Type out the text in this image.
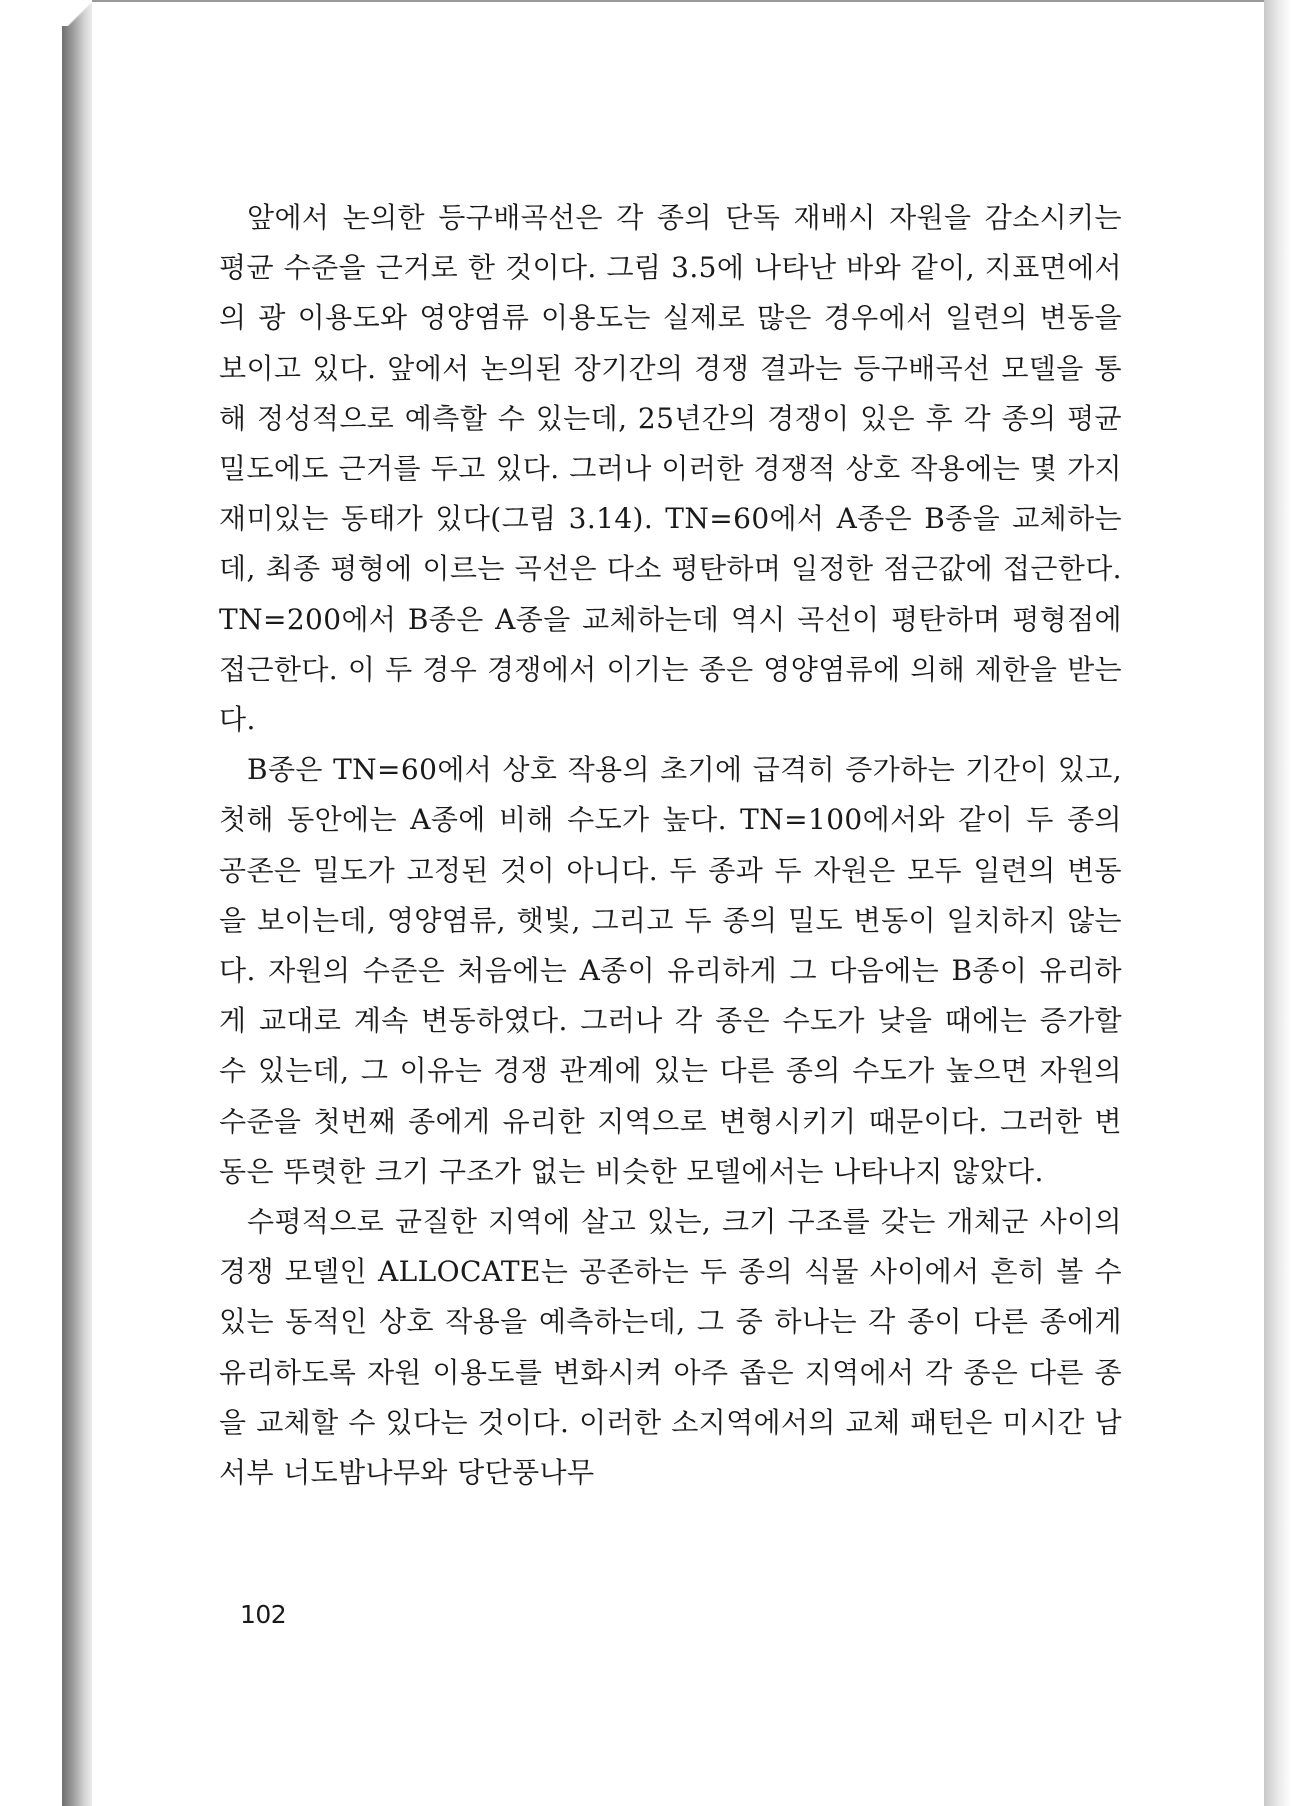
앞에서 논의한 등구배곡선은 각 종의 단독 재배시 자원을 감소시키는 평균 수준을 근거로 한 것이다. 그림 3.5에 나타난 바와 같이, 지표면에서의 광 이용도와 영양염류 이용도는 실제로 많은 경우에서 일련의 변동을 보이고 있다. 앞에서 논의된 장기간의 경쟁 결과는 등구배곡선 모델을 통해 정성적으로 예측할 수 있는데, 25년간의 경쟁이 있은 후 각 종의 평균 밀도에도 근거를 두고 있다. 그러나 이러한 경쟁적 상호 작용에는 몇 가지 재미있는 동태가 있다(그림 3.14). TN=60에서 A종은 B종을 교체하는데, 최종 평형에 이르는 곡선은 다소 평탄하며 일정한 점근값에 접근한다. TN=200에서 B종은 A종을 교체하는데 역시 곡선이 평탄하며 평형점에 접근한다. 이 두 경우 경쟁에서 이기는 종은 영양염류에 의해 제한을 받는다.

B종은 TN=60에서 상호 작용의 초기에 급격히 증가하는 기간이 있고, 첫해 동안에는 A종에 비해 수도가 높다. TN=100에서와 같이 두 종의 공존은 밀도가 고정된 것이 아니다. 두 종과 두 자원은 모두 일련의 변동을 보이는데, 영양염류, 햇빛, 그리고 두 종의 밀도 변동이 일치하지 않는다. 자원의 수준은 처음에는 A종이 유리하게 그 다음에는 B종이 유리하게 교대로 계속 변동하였다. 그러나 각 종은 수도가 낮을 때에는 증가할 수 있는데, 그 이유는 경쟁 관계에 있는 다른 종의 수도가 높으면 자원의 수준을 첫번째 종에게 유리한 지역으로 변형시키기 때문이다. 그러한 변동은 뚜렷한 크기 구조가 없는 비슷한 모델에서는 나타나지 않았다.

수평적으로 균질한 지역에 살고 있는, 크기 구조를 갖는 개체군 사이의 경쟁 모델인 ALLOCATE는 공존하는 두 종의 식물 사이에서 흔히 볼 수 있는 동적인 상호 작용을 예측하는데, 그 중 하나는 각 종이 다른 종에게 유리하도록 자원 이용도를 변화시켜 아주 좁은 지역에서 각 종은 다른 종을 교체할 수 있다는 것이다. 이러한 소지역에서의 교체 패턴은 미시간 남서부 너도밤나무와 당단풍나무

102
